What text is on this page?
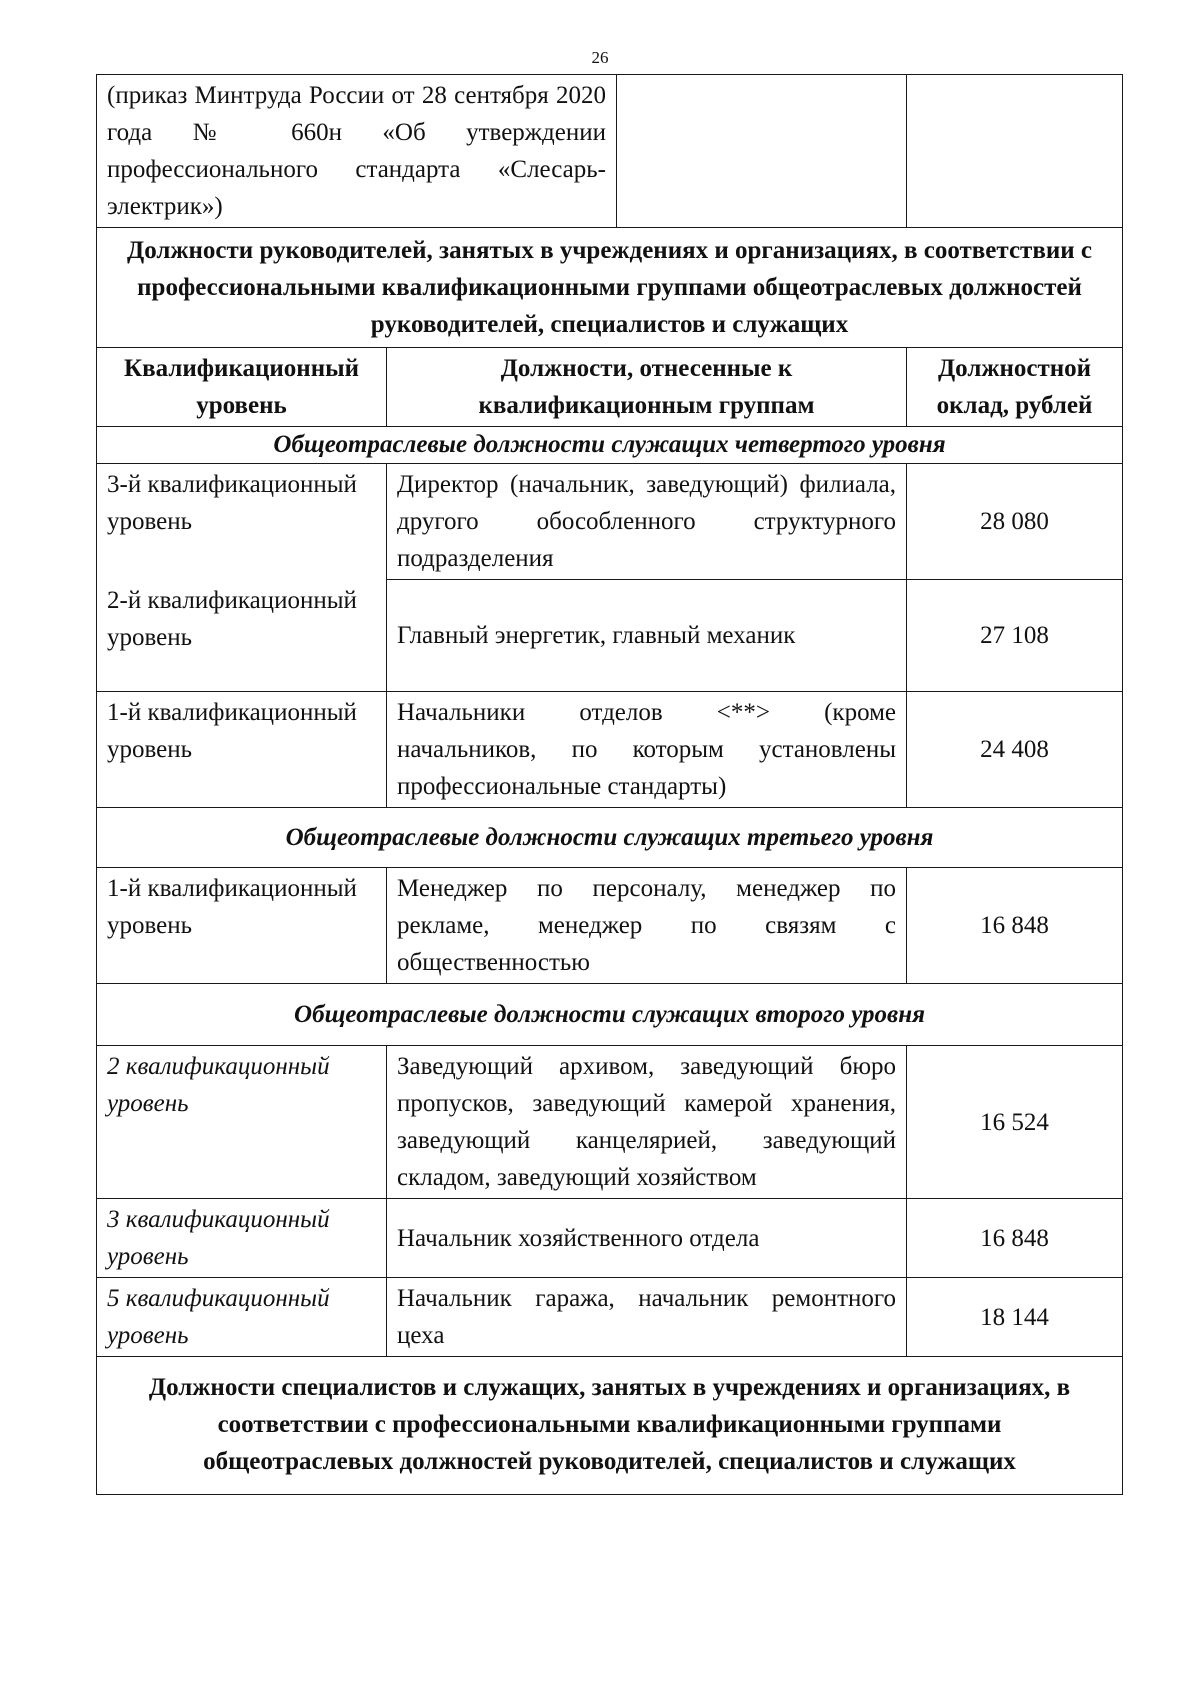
26
(приказ Минтруда России от 28 сентября 2020 года № 660н «Об утверждении профессионального стандарта «Слесарь-электрик»)			
Должности руководителей, занятых в учреждениях и организациях, в соответствии с профессиональными квалификационными группами общеотраслевых должностей руководителей, специалистов и служащих			
Квалификационный уровень	Должности, отнесенные к квалификационным группам		Должностной оклад, рублей
Общеотраслевые должности служащих четвертого уровня			
3-й квалификационный уровень	Директор (начальник, заведующий) филиала, другого обособленного структурного подразделения		28 080
2-й квалификационный уровень	Главный энергетик, главный механик		27 108
1-й квалификационный уровень	Начальники отделов <**> (кроме начальников, по которым установлены профессиональные стандарты)		24 408
Общеотраслевые должности служащих третьего уровня			
1-й квалификационный уровень	Менеджер по персоналу, менеджер по рекламе, менеджер по связям с общественностью		16 848
Общеотраслевые должности служащих второго уровня			
2 квалификационный уровень	Заведующий архивом, заведующий бюро пропусков, заведующий камерой хранения, заведующий канцелярией, заведующий складом, заведующий хозяйством		16 524
3 квалификационный уровень	Начальник хозяйственного отдела		16 848
5 квалификационный уровень	Начальник гаража, начальник ремонтного цеха		18 144
Должности специалистов и служащих, занятых в учреждениях и организациях, в соответствии с профессиональными квалификационными группами общеотраслевых должностей руководителей, специалистов и служащих			
